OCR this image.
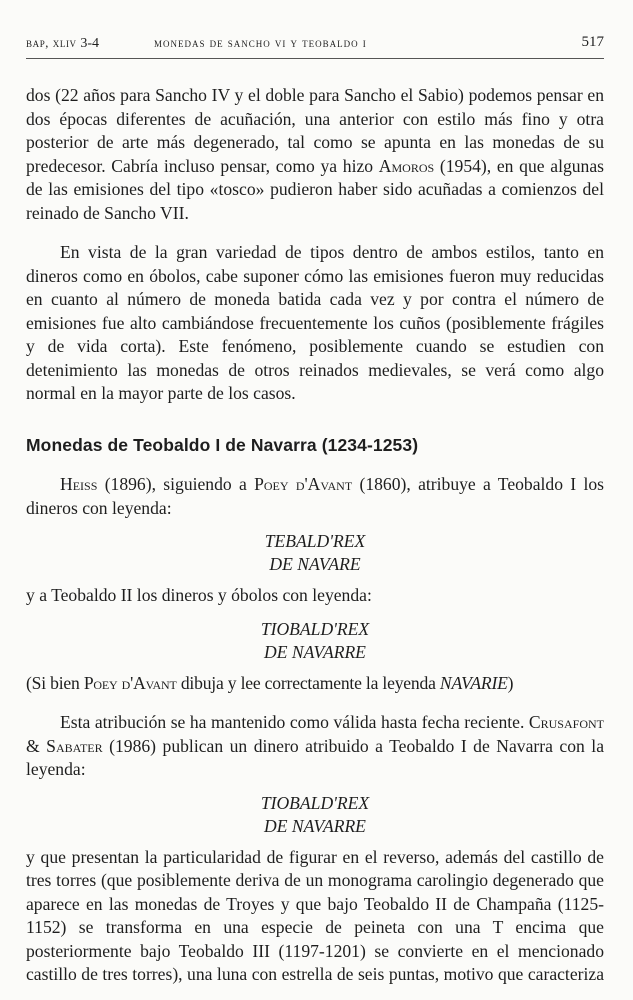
bap, xliv 3-4	monedas de sancho vi y teobaldo i	517

dos (22 años para Sancho IV y el doble para Sancho el Sabio) podemos pensar en dos épocas diferentes de acuñación, una anterior con estilo más fino y otra posterior de arte más degenerado, tal como se apunta en las monedas de su predecesor. Cabría incluso pensar, como ya hizo Amoros (1954), en que algunas de las emisiones del tipo «tosco» pudieron haber sido acuñadas a comienzos del reinado de Sancho VII.

En vista de la gran variedad de tipos dentro de ambos estilos, tanto en dineros como en óbolos, cabe suponer cómo las emisiones fueron muy reducidas en cuanto al número de moneda batida cada vez y por contra el número de emisiones fue alto cambiándose frecuentemente los cuños (posiblemente frágiles y de vida corta). Este fenómeno, posiblemente cuando se estudien con detenimiento las monedas de otros reinados medievales, se verá como algo normal en la mayor parte de los casos.

Monedas de Teobaldo I de Navarra (1234-1253)

Heiss (1896), siguiendo a Poey d'Avant (1860), atribuye a Teobaldo I los dineros con leyenda:

TEBALD'REX
DE NAVARE

y a Teobaldo II los dineros y óbolos con leyenda:

TIOBALD'REX
DE NAVARRE

(Si bien Poey d'Avant dibuja y lee correctamente la leyenda NAVARIE)

Esta atribución se ha mantenido como válida hasta fecha reciente. Crusafont & Sabater (1986) publican un dinero atribuido a Teobaldo I de Navarra con la leyenda:

TIOBALD'REX
DE NAVARRE

y que presentan la particularidad de figurar en el reverso, además del castillo de tres torres (que posiblemente deriva de un monograma carolingio degenerado que aparece en las monedas de Troyes y que bajo Teobaldo II de Champaña (1125-1152) se transforma en una especie de peineta con una T encima que posteriormente bajo Teobaldo III (1197-1201) se convierte en el mencionado castillo de tres torres), una luna con estrella de seis puntas, motivo que caracteriza
